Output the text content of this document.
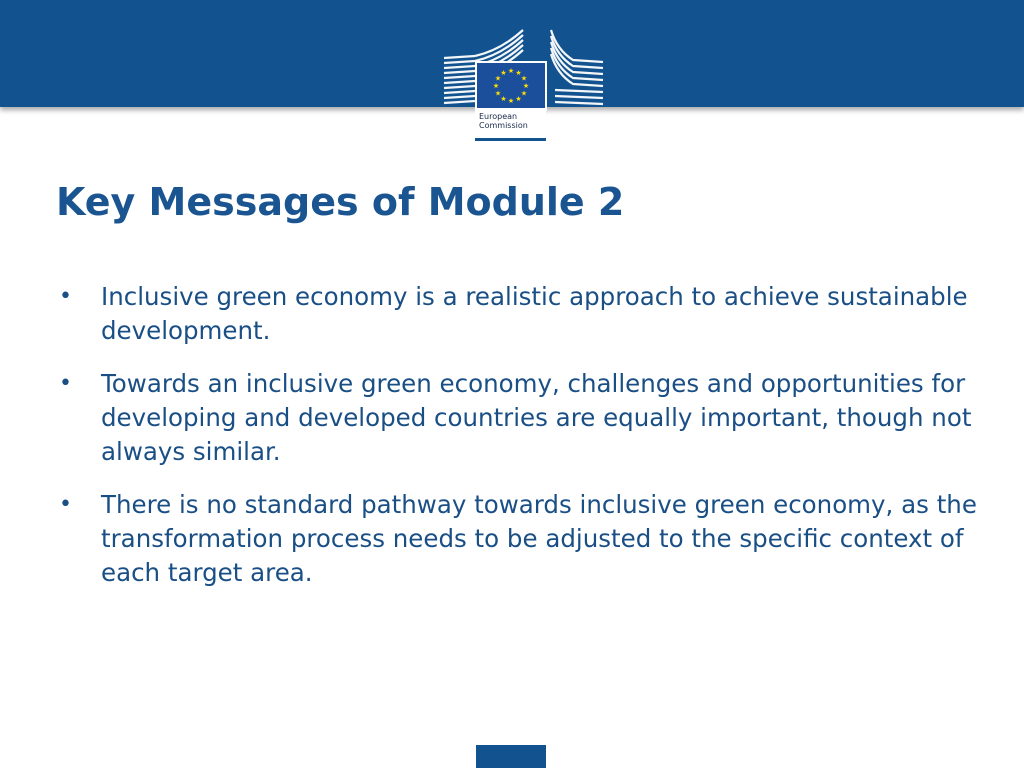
★ ★
★
★
★
★
★
★
★
★
★
★
European
Commission
Key Messages of Module 2
• Inclusive green economy is a realistic approach to achieve sustainable development.
• Towards an inclusive green economy, challenges and opportunities for developing and developed countries are equally important, though not always similar.
• There is no standard pathway towards inclusive green economy, as the transformation process needs to be adjusted to the specific context of each target area.
